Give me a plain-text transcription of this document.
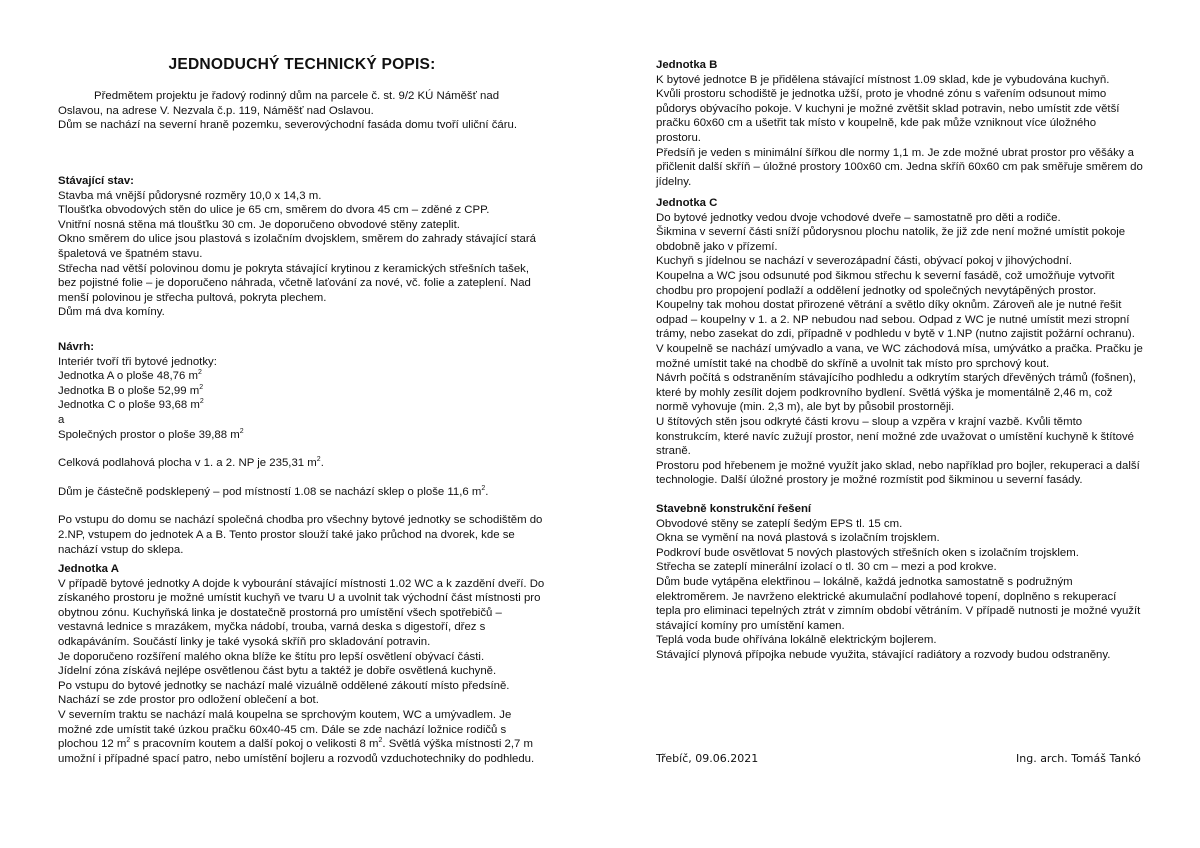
JEDNODUCHÝ TECHNICKÝ POPIS:

Předmětem projektu je řadový rodinný dům na parcele č. st. 9/2 KÚ Náměšť nad Oslavou, na adrese V. Nezvala č.p. 119, Náměšť nad Oslavou.

Dům se nachází na severní hraně pozemku, severovýchodní fasáda domu tvoří uliční čáru.

Stávající stav:

Stavba má vnější půdorysné rozměry 10,0 x 14,3 m.

Tloušťka obvodových stěn do ulice je 65 cm, směrem do dvora 45 cm – zděné z CPP.

Vnitřní nosná stěna má tloušťku 30 cm. Je doporučeno obvodové stěny zateplit.

Okno směrem do ulice jsou plastová s izolačním dvojsklem, směrem do zahrady stávající stará špaletová ve špatném stavu.

Střecha nad větší polovinou domu je pokryta stávající krytinou z keramických střešních tašek, bez pojistné folie – je doporučeno náhrada, včetně laťování za nové, vč. folie a zateplení. Nad menší polovinou je střecha pultová, pokryta plechem.

Dům má dva komíny.

Návrh:

Interiér tvoří tři bytové jednotky:

Jednotka A o ploše 48,76 $m^2$

Jednotka B o ploše 52,99 $m^2$

Jednotka C o ploše 93,68 $m^2$

a

Společných prostor o ploše 39,88 $m^2$

Celková podlahová plocha v 1. a 2. NP je 235,31 $m^2$.

Dům je částečně podsklepený – pod místností 1.08 se nachází sklep o ploše 11,6 $m^2$.

Po vstupu do domu se nachází společná chodba pro všechny bytové jednotky se schodištěm do 2.NP, vstupem do jednotek A a B. Tento prostor slouží také jako průchod na dvorek, kde se nachází vstup do sklepa.

Jednotka A

V případě bytové jednotky A dojde k vybourání stávající místnosti 1.02 WC a k zazdění dveří. Do získaného prostoru je možné umístit kuchyň ve tvaru U a uvolnit tak východní část místnosti pro obytnou zónu. Kuchyňská linka je dostatečně prostorná pro umístění všech spotřebičů – vestavná lednice s mrazákem, myčka nádobí, trouba, varná deska s digestoří, dřez s odkapáváním. Součástí linky je také vysoká skříň pro skladování potravin.

Je doporučeno rozšíření malého okna blíže ke štítu pro lepší osvětlení obývací části.

Jídelní zóna získává nejlépe osvětlenou část bytu a taktéž je dobře osvětlená kuchyně.

Po vstupu do bytové jednotky se nachází malé vizuálně oddělené zákoutí místo předsíně. Nachází se zde prostor pro odložení oblečení a bot.

V severním traktu se nachází malá koupelna se sprchovým koutem, WC a umývadlem. Je možné zde umístit také úzkou pračku 60x40-45 cm. Dále se zde nachází ložnice rodičů s plochou 12 $m^2$ s pracovním koutem a další pokoj o velikosti 8 $m^2$. Světlá výška místnosti 2,7 m umožní i případné spací patro, nebo umístění bojleru a rozvodů vzduchotechniky do podhledu.

Jednotka B

K bytové jednotce B je přidělena stávající místnost 1.09 sklad, kde je vybudována kuchyň.

Kvůli prostoru schodiště je jednotka užší, proto je vhodné zónu s vařením odsunout mimo půdorys obývacího pokoje. V kuchyni je možné zvětšit sklad potravin, nebo umístit zde větší pračku 60x60 cm a ušetřit tak místo v koupelně, kde pak může vzniknout více úložného prostoru.

Předsíň je veden s minimální šířkou dle normy 1,1 m. Je zde možné ubrat prostor pro věšáky a přičlenit další skříň – úložné prostory 100x60 cm. Jedna skříň 60x60 cm pak směřuje směrem do jídelny.

Jednotka C

Do bytové jednotky vedou dvoje vchodové dveře – samostatně pro děti a rodiče.

Šikmina v severní části sníží půdorysnou plochu natolik, že již zde není možné umístit pokoje obdobně jako v přízemí.

Kuchyň s jídelnou se nachází v severozápadní části, obývací pokoj v jihovýchodní.

Koupelna a WC jsou odsunuté pod šikmou střechu k severní fasádě, což umožňuje vytvořit chodbu pro propojení podlaží a oddělení jednotky od společných nevytápěných prostor. Koupelny tak mohou dostat přirozené větrání a světlo díky oknům. Zároveň ale je nutné řešit odpad – koupelny v 1. a 2. NP nebudou nad sebou. Odpad z WC je nutné umístit mezi stropní trámy, nebo zasekat do zdi, případně v podhledu v bytě v 1.NP (nutno zajistit požární ochranu). V koupelně se nachází umývadlo a vana, ve WC záchodová mísa, umývátko a pračka. Pračku je možné umístit také na chodbě do skříně a uvolnit tak místo pro sprchový kout.

Návrh počítá s odstraněním stávajícího podhledu a odkrytím starých dřevěných trámů (fošnen), které by mohly zesílit dojem podkrovního bydlení. Světlá výška je momentálně 2,46 m, což normě vyhovuje (min. 2,3 m), ale byt by působil prostorněji.

U štítových stěn jsou odkryté části krovu – sloup a vzpěra v krajní vazbě. Kvůli těmto konstrukcím, které navíc zužují prostor, není možné zde uvažovat o umístění kuchyně k štítové straně.

Prostoru pod hřebenem je možné využít jako sklad, nebo například pro bojler, rekuperaci a další technologie. Další úložné prostory je možné rozmístit pod šikminou u severní fasády.

Stavebně konstrukční řešení

Obvodové stěny se zateplí šedým EPS tl. 15 cm.

Okna se vymění na nová plastová s izolačním trojsklem.

Podkroví bude osvětlovat 5 nových plastových střešních oken s izolačním trojsklem.

Střecha se zateplí minerální izolací o tl. 30 cm – mezi a pod krokve.

Dům bude vytápěna elektřinou – lokálně, každá jednotka samostatně s podružným elektroměrem. Je navrženo elektrické akumulační podlahové topení, doplněno s rekuperací tepla pro eliminaci tepelných ztrát v zimním období větráním. V případě nutnosti je možné využít stávající komíny pro umístění kamen.

Teplá voda bude ohřívána lokálně elektrickým bojlerem.

Stávající plynová přípojka nebude využita, stávající radiátory a rozvody budou odstraněny.

Třebíč, 09.06.2021	Ing. arch. Tomáš Tankó
